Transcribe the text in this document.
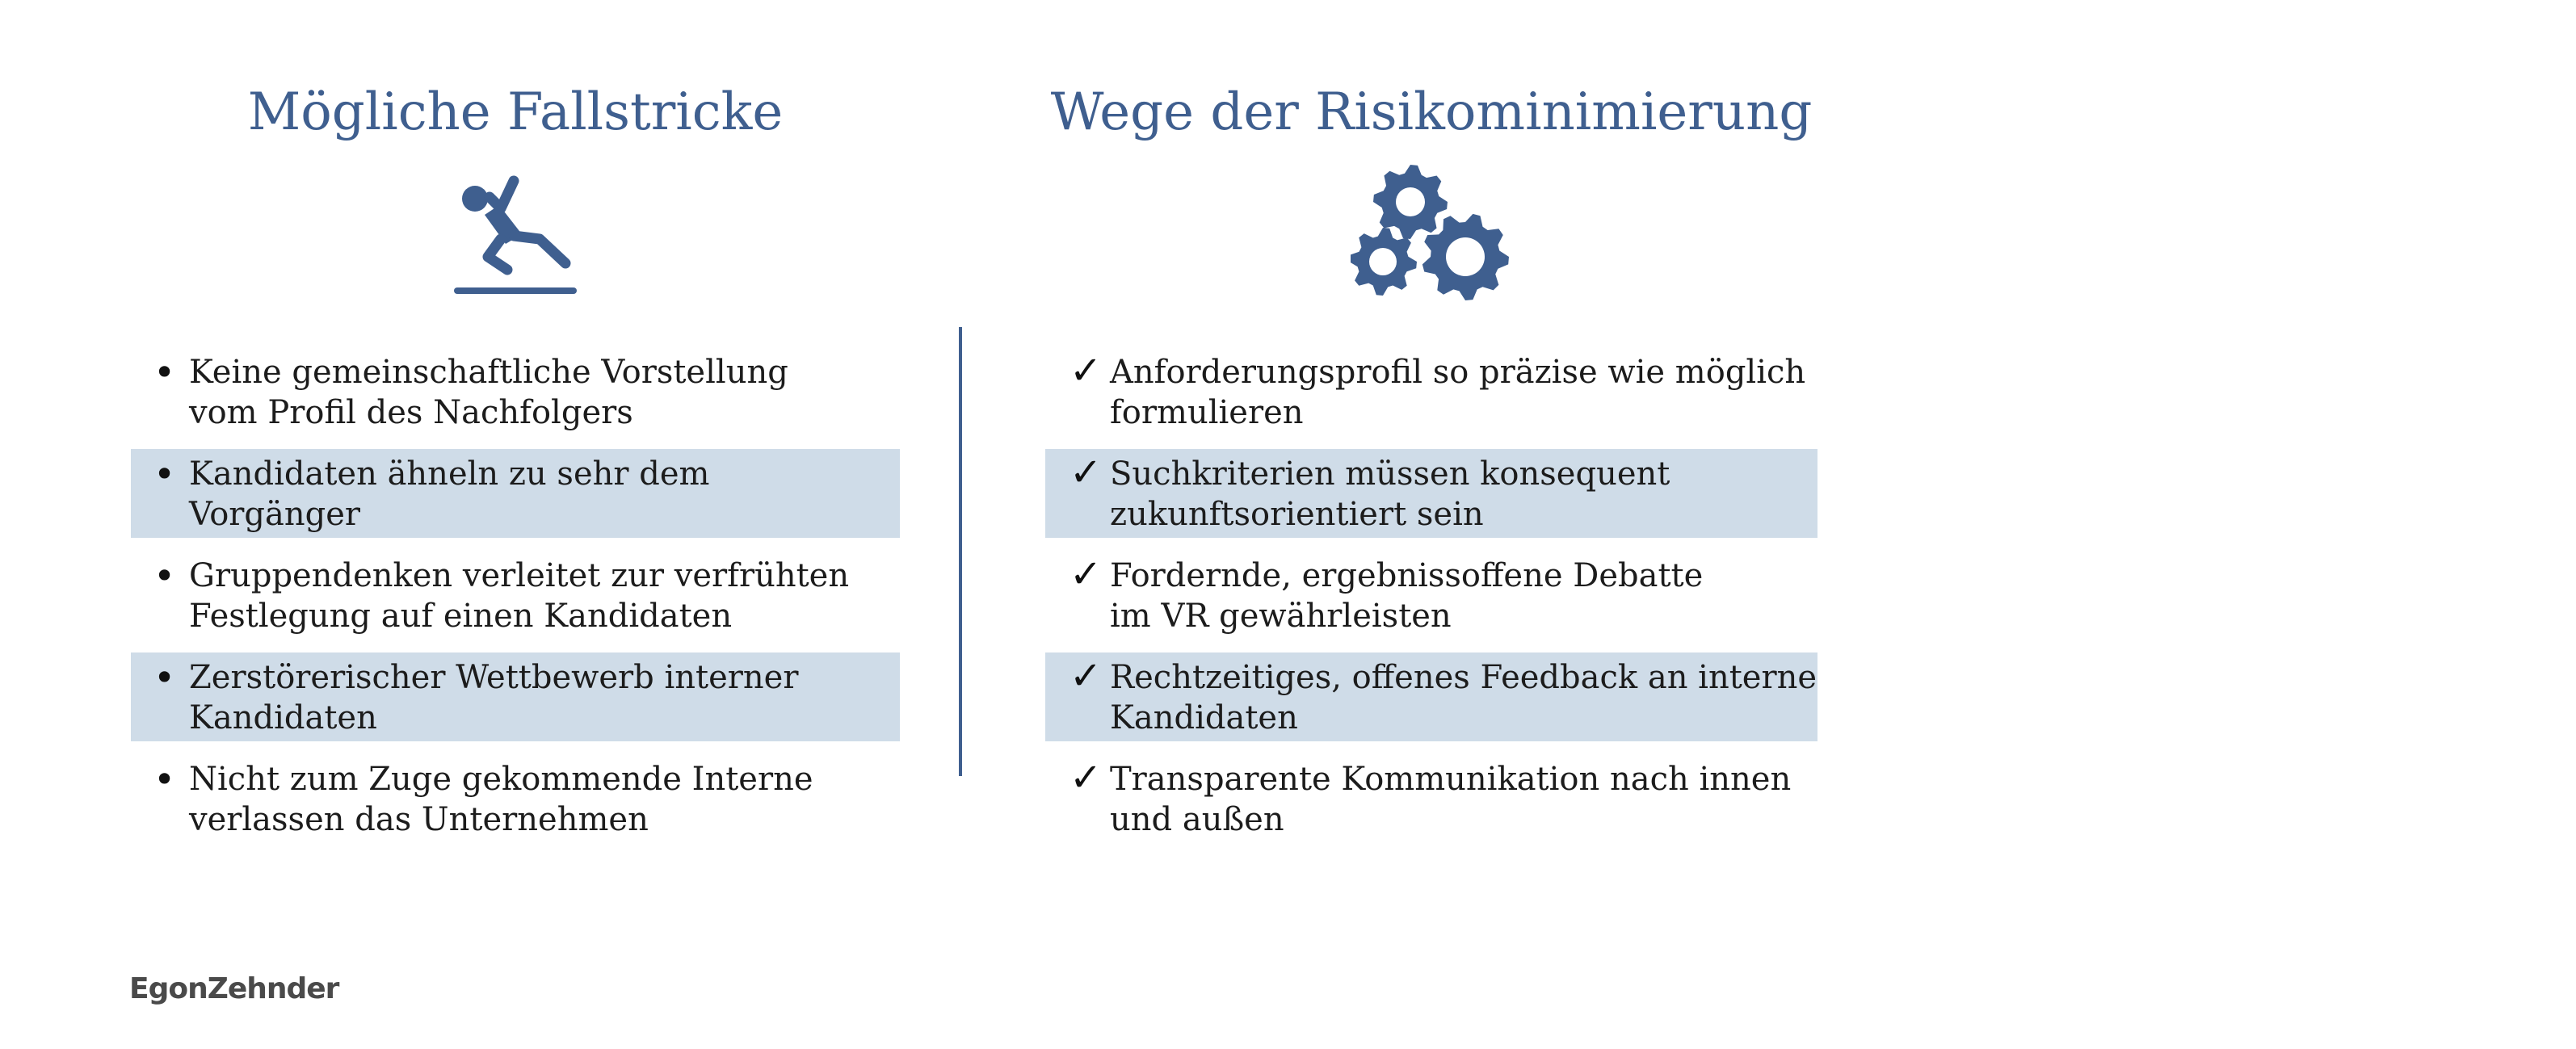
Mögliche Fallstricke
• Keine gemeinschaftliche Vorstellung
vom Profil des Nachfolgers
• Kandidaten ähneln zu sehr dem
Vorgänger
• Gruppendenken verleitet zur verfrühten
Festlegung auf einen Kandidaten
• Zerstörerischer Wettbewerb interner
Kandidaten
• Nicht zum Zuge gekommende Interne
verlassen das Unternehmen
Wege der Risikominimierung
✓ Anforderungsprofil so präzise wie möglich
formulieren
✓ Suchkriterien müssen konsequent
zukunftsorientiert sein
✓ Fordernde, ergebnissoffene Debatte
im VR gewährleisten
✓ Rechtzeitiges, offenes Feedback an interne
Kandidaten
✓ Transparente Kommunikation nach innen
und außen
EgonZehnder
